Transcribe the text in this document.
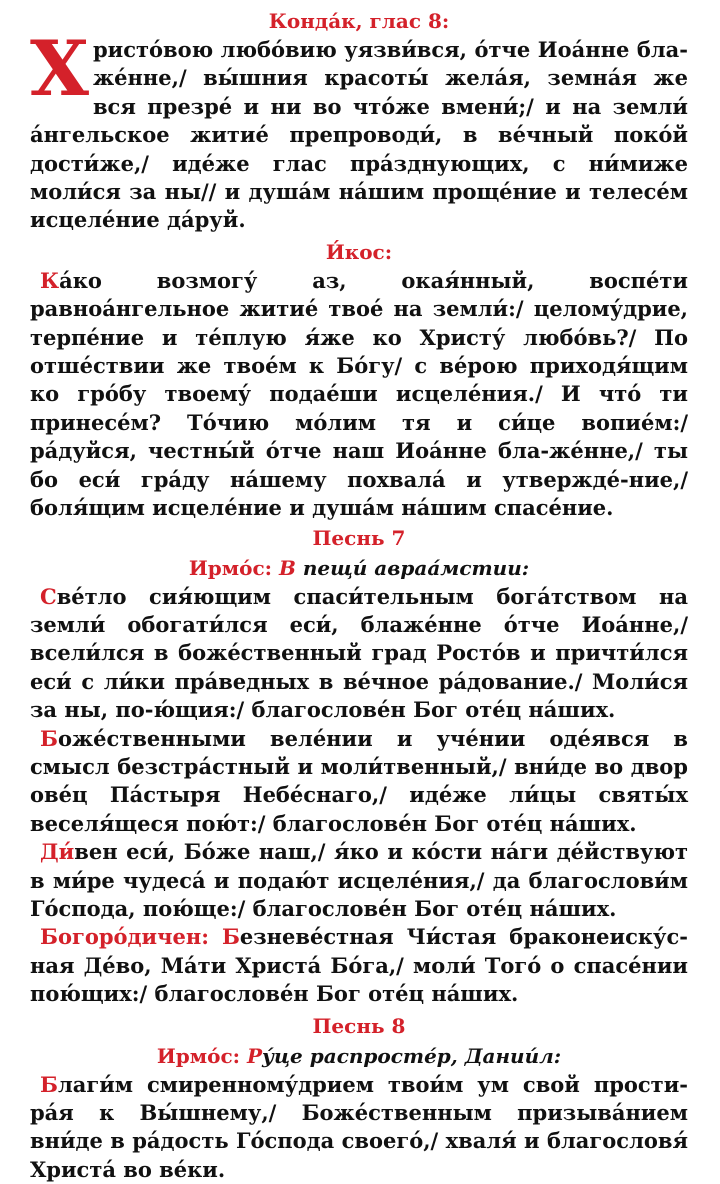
Конда́к, глас 8:

Христо́вою любо́вию уязви́вся, о́тче Иоа́нне бла-же́нне,/ вы́шния красоты́ жела́я, земна́я же вся презре́ и ни во что́же вмени́;/ и на земли́ а́нгельское житие́ препроводи́, в ве́чный поко́й дости́же,/ иде́же глас пра́зднующих, с ни́миже моли́ся за ны// и душа́м на́шим проще́ние и телесе́м исцеле́ние да́руй.

И́кос:

Ка́ко возмогу́ аз, окая́нный, воспе́ти равноа́нгельное житие́ твое́ на земли́:/ целому́дрие, терпе́ние и те́плую я́же ко Христу́ любо́вь?/ По отше́ствии же твое́м к Бо́гу/ с ве́рою приходя́щим ко гро́бу твоему́ подае́ши исцеле́ния./ И что́ ти принесе́м? То́чию мо́лим тя и си́це вопие́м:/ ра́дуйся, честны́й о́тче наш Иоа́нне бла-же́нне,/ ты бо еси́ гра́ду на́шему похвала́ и утвержде́-ние,/ боля́щим исцеле́ние и душа́м на́шим спасе́ние.

Песнь 7
Ирмо́с: В пещи́ авраа́мстии:

Све́тло сия́ющим спаси́тельным бога́тством на земли́ обогати́лся еси́, блаже́нне о́тче Иоа́нне,/ всели́лся в боже́ственный град Росто́в и причти́лся еси́ с ли́ки пра́ведных в ве́чное ра́дование./ Моли́ся за ны, по-ю́щия:/ благослове́н Бог оте́ц на́ших.

Боже́ственными веле́нии и уче́нии оде́явся в смысл безстра́стный и моли́твенный,/ вни́де во двор ове́ц Па́стыря Небе́снаго,/ иде́же ли́цы святы́х веселя́щеся пою́т:/ благослове́н Бог оте́ц на́ших.

Ди́вен еси́, Бо́же наш,/ я́ко и ко́сти на́ги де́йствуют в ми́ре чудеса́ и подаю́т исцеле́ния,/ да благослови́м Го́спода, пою́ще:/ благослове́н Бог оте́ц на́ших.

Богоро́дичен: Безневе́стная Чи́стая браконеиску́с-ная Де́во, Ма́ти Христа́ Бо́га,/ моли́ Того́ о спасе́нии пою́щих:/ благослове́н Бог оте́ц на́ших.

Песнь 8
Ирмо́с: Ру́це распросте́р, Дании́л:

Благи́м смиренному́дрием твои́м ум свой прости-ра́я к Вы́шнему,/ Боже́ственным призыва́нием вни́де в ра́дость Го́спода своего́,/ хваля́ и благословя́ Христа́ во ве́ки.
